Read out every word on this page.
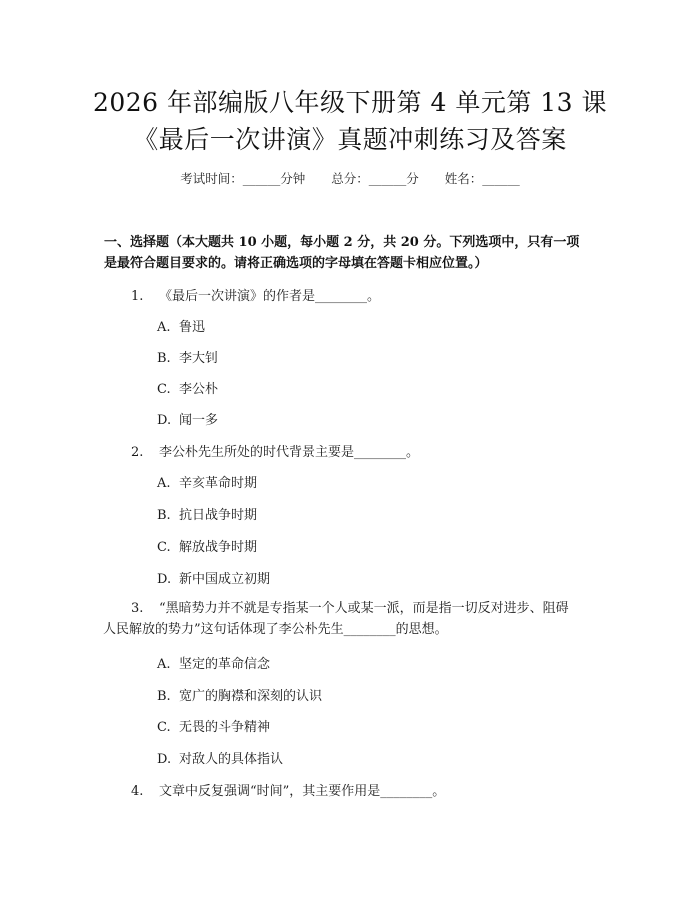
2026 年部编版八年级下册第 4 单元第 13 课
《最后一次讲演》真题冲刺练习及答案
考试时间：______分钟 总分：______分 姓名：______
一、选择题（本大题共 10 小题，每小题 2 分，共 20 分。下列选项中，只有一项
是最符合题目要求的。请将正确选项的字母填在答题卡相应位置。）
1. 《最后一次讲演》的作者是________。
A. 鲁迅
B. 李大钊
C. 李公朴
D. 闻一多
2. 李公朴先生所处的时代背景主要是________。
A. 辛亥革命时期
B. 抗日战争时期
C. 解放战争时期
D. 新中国成立初期
3. “黑暗势力并不就是专指某一个人或某一派，而是指一切反对进步、阻碍
人民解放的势力”这句话体现了李公朴先生________的思想。
A. 坚定的革命信念
B. 宽广的胸襟和深刻的认识
C. 无畏的斗争精神
D. 对敌人的具体指认
4. 文章中反复强调“时间”，其主要作用是________。
